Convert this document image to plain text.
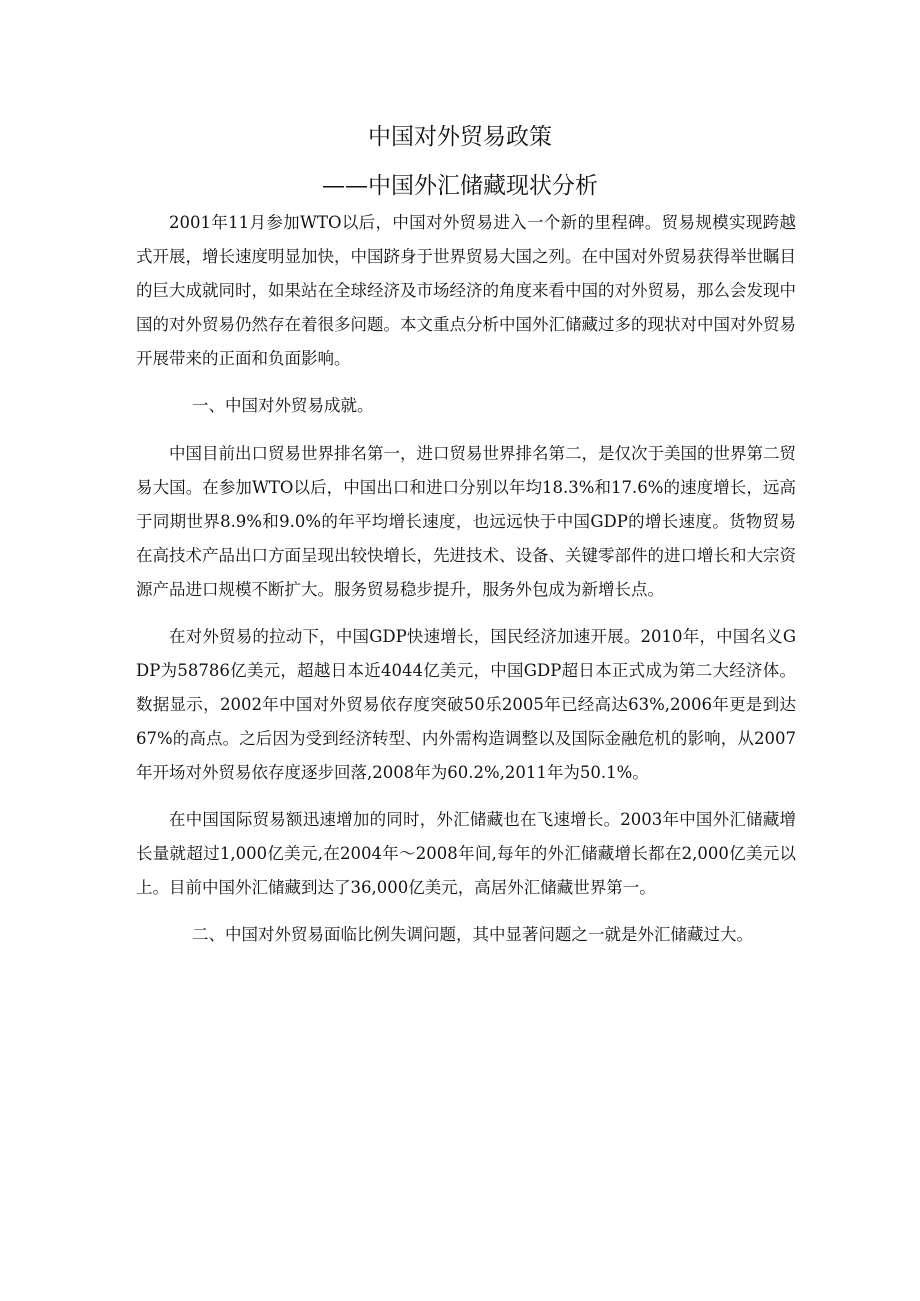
中国对外贸易政策
——中国外汇储藏现状分析

2001年11月参加WTO以后，中国对外贸易进入一个新的里程碑。贸易规模实现跨越式开展，增长速度明显加快，中国跻身于世界贸易大国之列。在中国对外贸易获得举世瞩目的巨大成就同时，如果站在全球经济及市场经济的角度来看中国的对外贸易，那么会发现中国的对外贸易仍然存在着很多问题。本文重点分析中国外汇储藏过多的现状对中国对外贸易开展带来的正面和负面影响。

一、中国对外贸易成就。

中国目前出口贸易世界排名第一，进口贸易世界排名第二，是仅次于美国的世界第二贸易大国。在参加WTO以后，中国出口和进口分别以年均18.3%和17.6%的速度增长，远高于同期世界8.9%和9.0%的年平均增长速度，也远远快于中国GDP的增长速度。货物贸易在高技术产品出口方面呈现出较快增长，先进技术、设备、关键零部件的进口增长和大宗资源产品进口规模不断扩大。服务贸易稳步提升，服务外包成为新增长点。

在对外贸易的拉动下，中国GDP快速增长，国民经济加速开展。2010年，中国名义GDP为58786亿美元，超越日本近4044亿美元，中国GDP超日本正式成为第二大经济体。数据显示，2002年中国对外贸易依存度突破50乐2005年已经高达63%,2006年更是到达67%的高点。之后因为受到经济转型、内外需构造调整以及国际金融危机的影响，从2007年开场对外贸易依存度逐步回落,2008年为60.2%,2011年为50.1%。

在中国国际贸易额迅速增加的同时，外汇储藏也在飞速增长。2003年中国外汇储藏增长量就超过1,000亿美元,在2004年～2008年间,每年的外汇储藏增长都在2,000亿美元以上。目前中国外汇储藏到达了36,000亿美元，高居外汇储藏世界第一。

二、中国对外贸易面临比例失调问题，其中显著问题之一就是外汇储藏过大。
